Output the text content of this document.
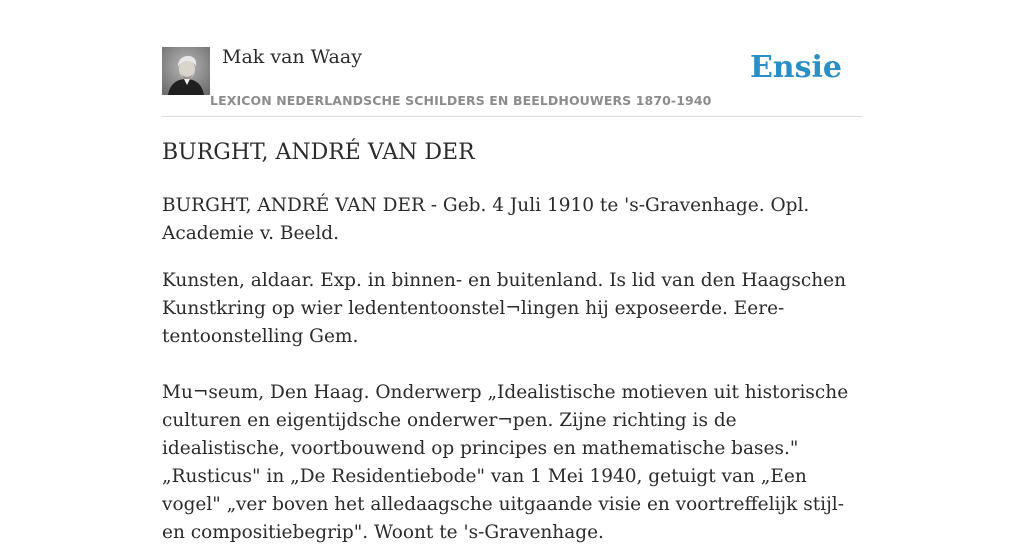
Mak van Waay
LEXICON NEDERLANDSCHE SCHILDERS EN BEELDHOUWERS 1870-1940
Ensie
BURGHT, ANDRÉ VAN DER

BURGHT, ANDRÉ VAN DER - Geb. 4 Juli 1910 te 's-Gravenhage. Opl. Academie v. Beeld.

Kunsten, aldaar. Exp. in binnen- en buitenland. Is lid van den Haagschen Kunstkring op wier ledententoonstel¬lingen hij exposeerde. Eere-tentoonstelling Gem.

Mu¬seum, Den Haag. Onderwerp „Idealistische motieven uit historische culturen en eigentijdsche onderwer¬pen. Zijne richting is de idealistische, voortbouwend op principes en mathematische bases." „Rusticus" in „De Residentiebode" van 1 Mei 1940, getuigt van „Een vogel" „ver boven het alledaagsche uitgaande visie en voortreffelijk stijl- en compositiebegrip". Woont te 's-Gravenhage.
